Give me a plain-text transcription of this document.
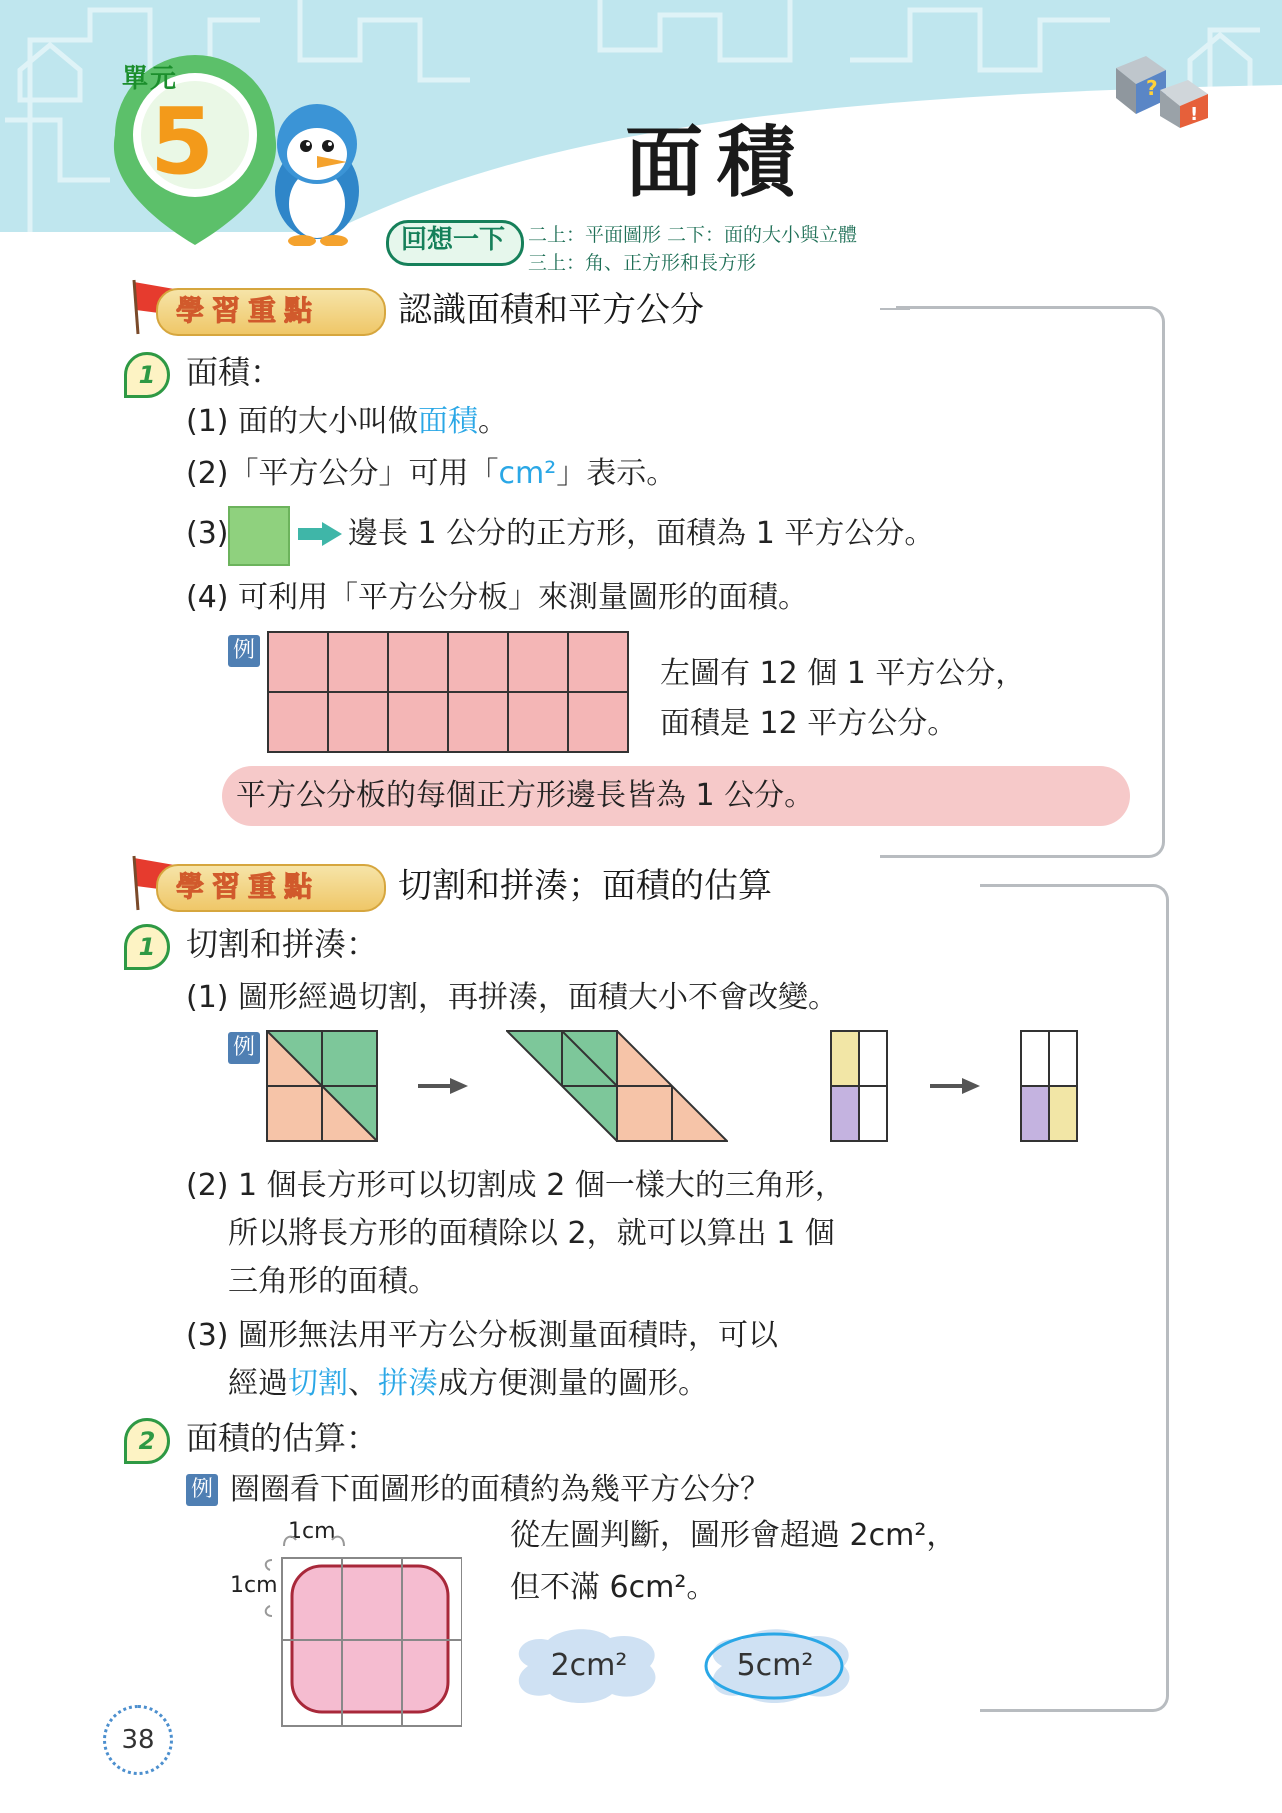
單元
5	?
!
面積
回想一下	二上：平面圖形 二下：面的大小與立體
三上：角、正方形和長方形
學習重點 認識面積和平方公分
1 面積：
(1) 面的大小叫做面積。
(2)「平方公分」可用「cm²」表示。
(3)	邊長 1 公分的正方形，面積為 1 平方公分。
(4) 可利用「平方公分板」來測量圖形的面積。
例
左圖有 12 個 1 平方公分，
面積是 12 平方公分。
平方公分板的每個正方形邊長皆為 1 公分。
學習重點 切割和拼湊；面積的估算
1 切割和拼湊：
(1) 圖形經過切割，再拼湊，面積大小不會改變。
例
(2) 1 個長方形可以切割成 2 個一樣大的三角形，
所以將長方形的面積除以 2，就可以算出 1 個
三角形的面積。
(3) 圖形無法用平方公分板測量面積時，可以
經過切割、拼湊成方便測量的圖形。
2 面積的估算：
例 圈圈看下面圖形的面積約為幾平方公分？
1cm
1cm
從左圖判斷，圖形會超過 2cm²，
但不滿 6cm²。
2cm²	5cm²
38
